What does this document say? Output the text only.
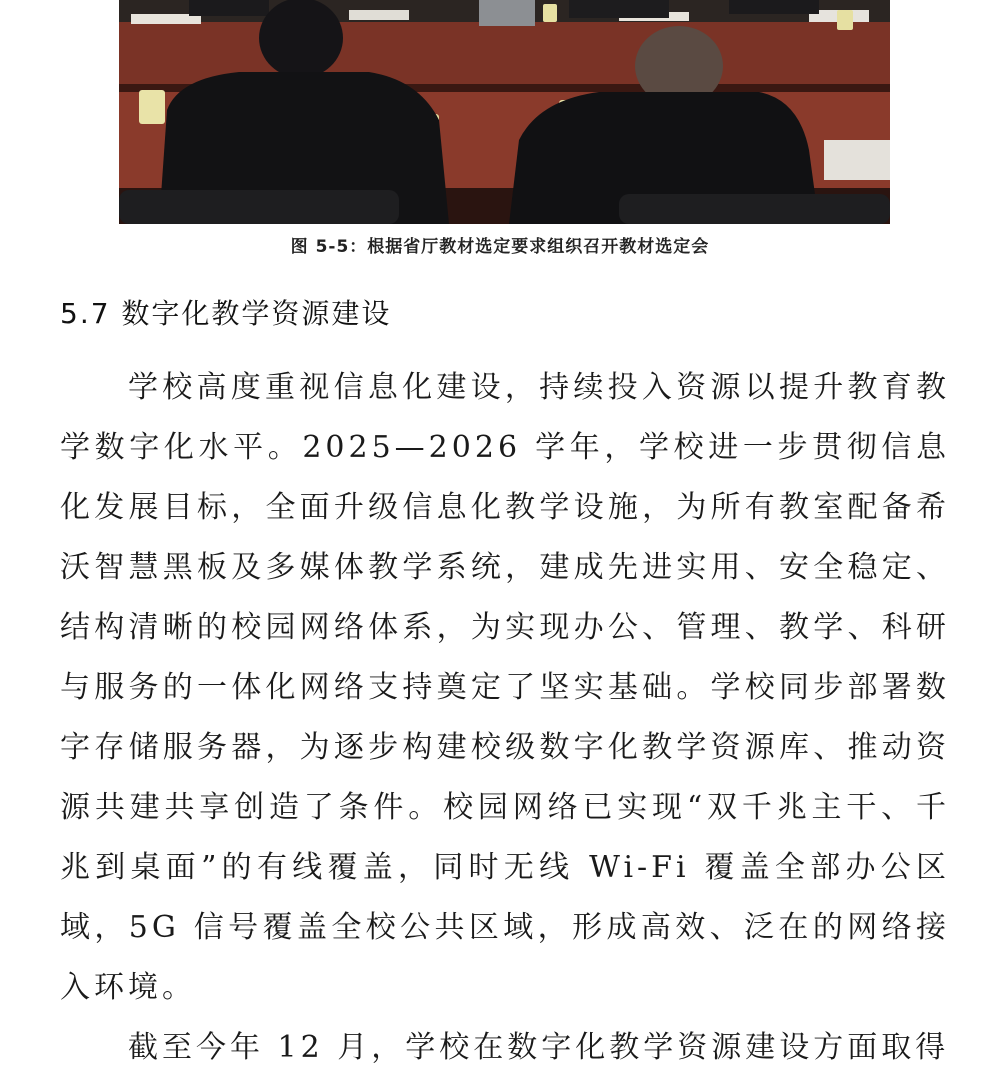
图 5-5：根据省厅教材选定要求组织召开教材选定会
5.7 数字化教学资源建设

学校高度重视信息化建设，持续投入资源以提升教育教学数字化水平。2025—2026 学年，学校进一步贯彻信息化发展目标，全面升级信息化教学设施，为所有教室配备希沃智慧黑板及多媒体教学系统，建成先进实用、安全稳定、结构清晰的校园网络体系，为实现办公、管理、教学、科研与服务的一体化网络支持奠定了坚实基础。学校同步部署数字存储服务器，为逐步构建校级数字化教学资源库、推动资源共建共享创造了条件。校园网络已实现“双千兆主干、千兆到桌面”的有线覆盖，同时无线 Wi-Fi 覆盖全部办公区域，5G 信号覆盖全校公共区域，形成高效、泛在的网络接入环境。

截至今年 12 月，学校在数字化教学资源建设方面取得
